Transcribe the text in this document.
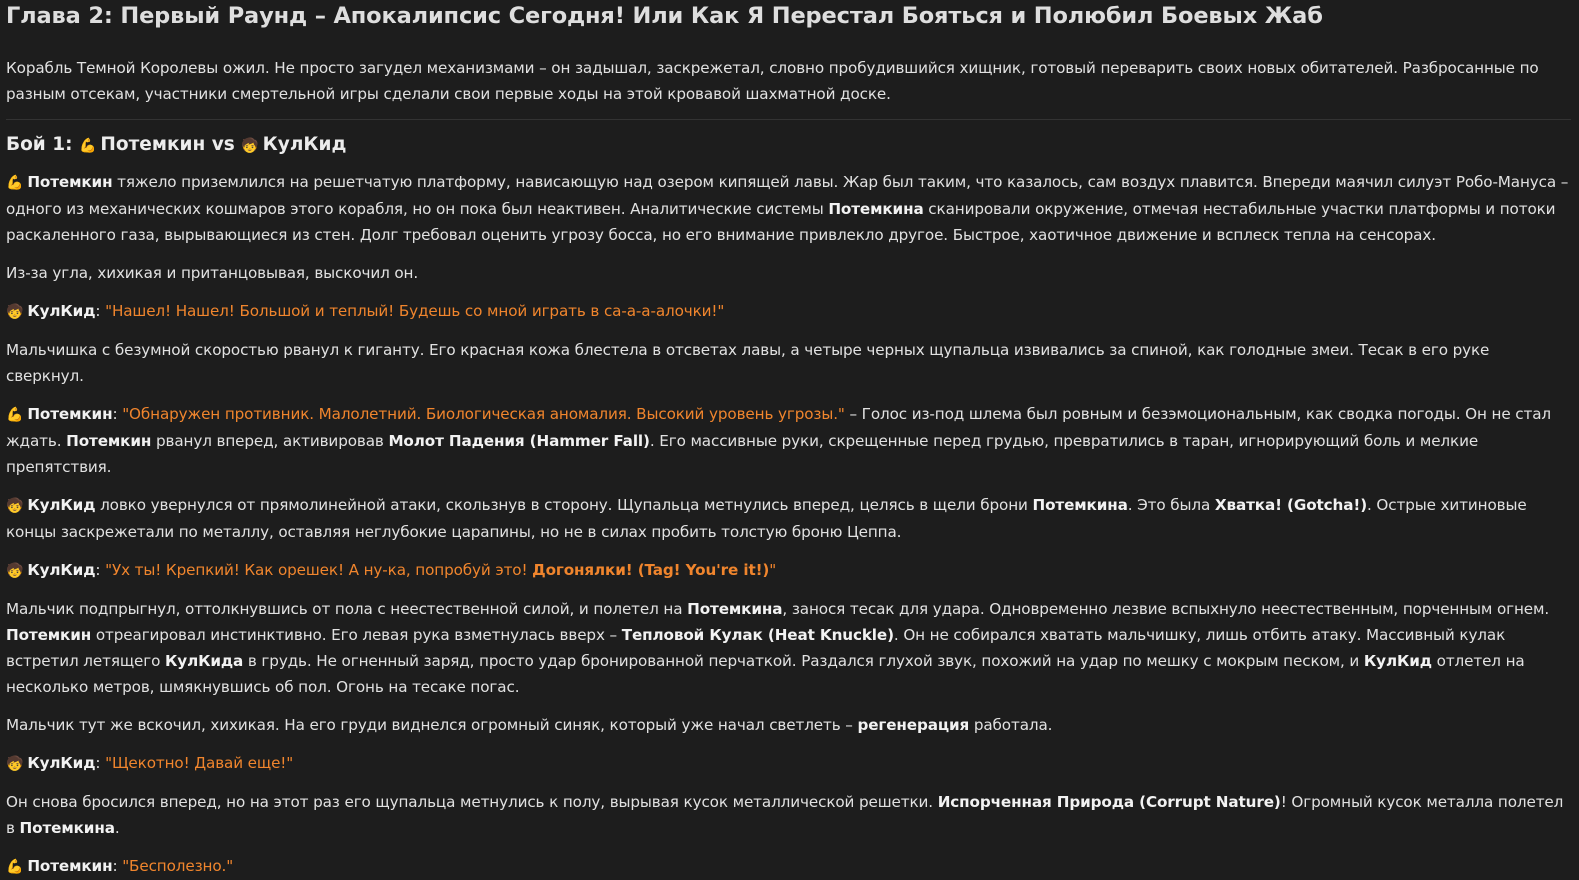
Глава 2: Первый Раунд – Апокалипсис Сегодня! Или Как Я Перестал Бояться и Полюбил Боевых Жаб

Корабль Темной Королевы ожил. Не просто загудел механизмами – он задышал, заскрежетал, словно пробудившийся хищник, готовый переварить своих новых обитателей. Разбросанные по разным отсекам, участники смертельной игры сделали свои первые ходы на этой кровавой шахматной доске.

Бой 1: 💪 Потемкин vs 🧒 КулКид

💪 Потемкин тяжело приземлился на решетчатую платформу, нависающую над озером кипящей лавы. Жар был таким, что казалось, сам воздух плавится. Впереди маячил силуэт Робо-Мануса – одного из механических кошмаров этого корабля, но он пока был неактивен. Аналитические системы Потемкина сканировали окружение, отмечая нестабильные участки платформы и потоки раскаленного газа, вырывающиеся из стен. Долг требовал оценить угрозу босса, но его внимание привлекло другое. Быстрое, хаотичное движение и всплеск тепла на сенсорах.

Из-за угла, хихикая и пританцовывая, выскочил он.

🧒 КулКид: "Нашел! Нашел! Большой и теплый! Будешь со мной играть в са-а-а-алочки!"

Мальчишка с безумной скоростью рванул к гиганту. Его красная кожа блестела в отсветах лавы, а четыре черных щупальца извивались за спиной, как голодные змеи. Тесак в его руке сверкнул.

💪 Потемкин: "Обнаружен противник. Малолетний. Биологическая аномалия. Высокий уровень угрозы." – Голос из-под шлема был ровным и безэмоциональным, как сводка погоды. Он не стал ждать. Потемкин рванул вперед, активировав Молот Падения (Hammer Fall). Его массивные руки, скрещенные перед грудью, превратились в таран, игнорирующий боль и мелкие препятствия.

🧒 КулКид ловко увернулся от прямолинейной атаки, скользнув в сторону. Щупальца метнулись вперед, целясь в щели брони Потемкина. Это была Хватка! (Gotcha!). Острые хитиновые концы заскрежетали по металлу, оставляя неглубокие царапины, но не в силах пробить толстую броню Цеппа.

🧒 КулКид: "Ух ты! Крепкий! Как орешек! А ну-ка, попробуй это! Догонялки! (Tag! You're it!)"

Мальчик подпрыгнул, оттолкнувшись от пола с неестественной силой, и полетел на Потемкина, занося тесак для удара. Одновременно лезвие вспыхнуло неестественным, порченным огнем. Потемкин отреагировал инстинктивно. Его левая рука взметнулась вверх – Тепловой Кулак (Heat Knuckle). Он не собирался хватать мальчишку, лишь отбить атаку. Массивный кулак встретил летящего КулКида в грудь. Не огненный заряд, просто удар бронированной перчаткой. Раздался глухой звук, похожий на удар по мешку с мокрым песком, и КулКид отлетел на несколько метров, шмякнувшись об пол. Огонь на тесаке погас.

Мальчик тут же вскочил, хихикая. На его груди виднелся огромный синяк, который уже начал светлеть – регенерация работала.

🧒 КулКид: "Щекотно! Давай еще!"

Он снова бросился вперед, но на этот раз его щупальца метнулись к полу, вырывая кусок металлической решетки. Испорченная Природа (Corrupt Nature)! Огромный кусок металла полетел в Потемкина.

💪 Потемкин: "Бесполезно."
